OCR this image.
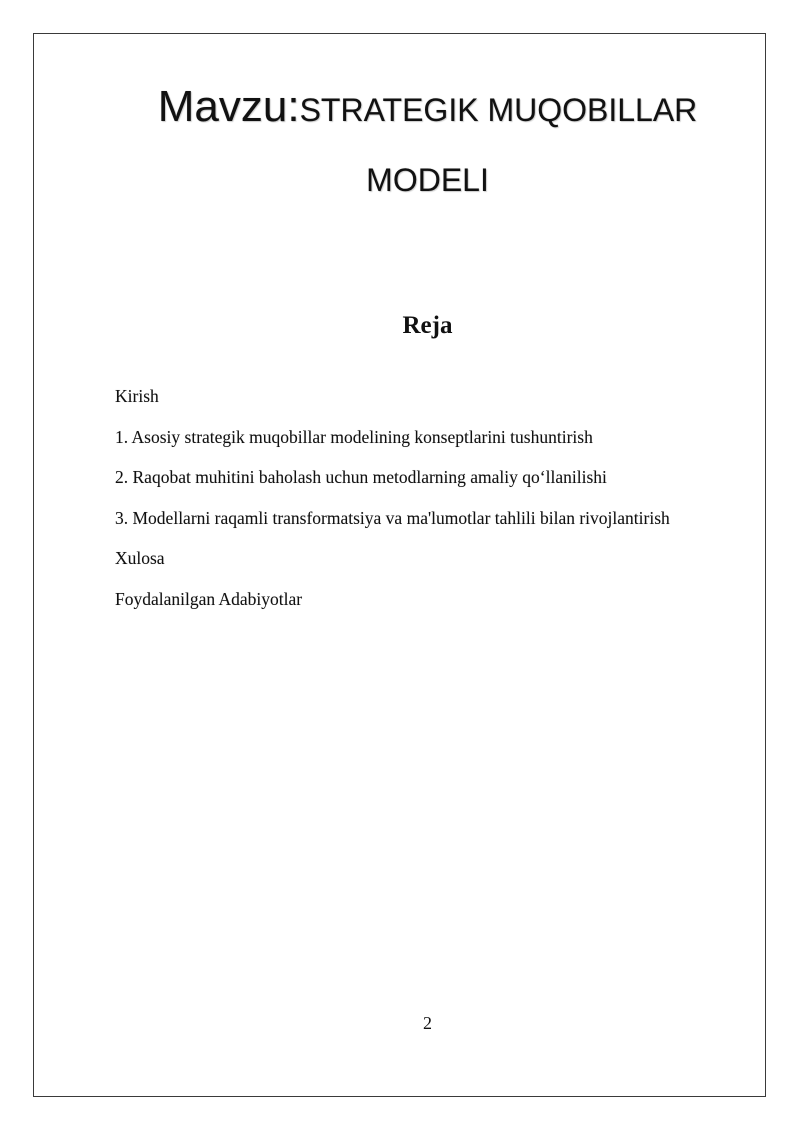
Mavzu:STRATEGIK MUQOBILLAR
MODELI
Reja
Kirish
1. Asosiy strategik muqobillar modelining konseptlarini tushuntirish
2. Raqobat muhitini baholash uchun metodlarning amaliy qo‘llanilishi
3. Modellarni raqamli transformatsiya va ma'lumotlar tahlili bilan rivojlantirish
Xulosa
Foydalanilgan Adabiyotlar
2
